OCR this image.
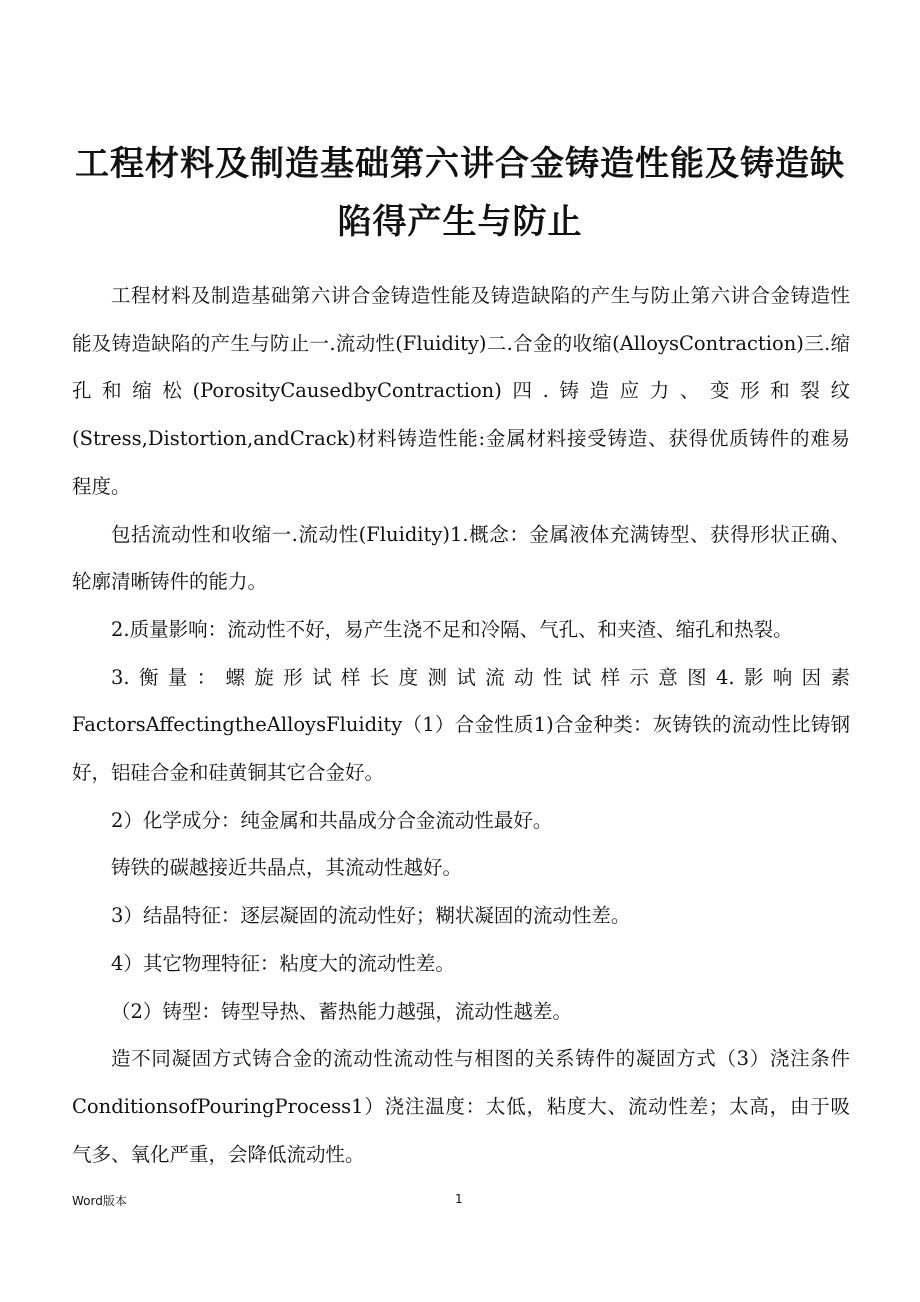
工程材料及制造基础第六讲合金铸造性能及铸造缺陷得产生与防止

工程材料及制造基础第六讲合金铸造性能及铸造缺陷的产生与防止第六讲合金铸造性能及铸造缺陷的产生与防止一.流动性(Fluidity)二.合金的收缩(AlloysContraction)三.缩孔和缩松(PorosityCausedbyContraction)四.铸造应力、变形和裂纹(Stress,Distortion,andCrack)材料铸造性能:金属材料接受铸造、获得优质铸件的难易程度。

包括流动性和收缩一.流动性(Fluidity)1.概念：金属液体充满铸型、获得形状正确、轮廓清晰铸件的能力。

2.质量影响：流动性不好，易产生浇不足和冷隔、气孔、和夹渣、缩孔和热裂。

3.衡量：螺旋形试样长度测试流动性试样示意图4.影响因素FactorsAffectingtheAlloysFluidity（1）合金性质1)合金种类：灰铸铁的流动性比铸钢好，铝硅合金和硅黄铜其它合金好。

2）化学成分：纯金属和共晶成分合金流动性最好。

铸铁的碳越接近共晶点，其流动性越好。

3）结晶特征：逐层凝固的流动性好；糊状凝固的流动性差。

4）其它物理特征：粘度大的流动性差。

（2）铸型：铸型导热、蓄热能力越强，流动性越差。

造不同凝固方式铸合金的流动性流动性与相图的关系铸件的凝固方式（3）浇注条件ConditionsofPouringProcess1）浇注温度：太低，粘度大、流动性差；太高，由于吸气多、氧化严重，会降低流动性。

Word版本	1
